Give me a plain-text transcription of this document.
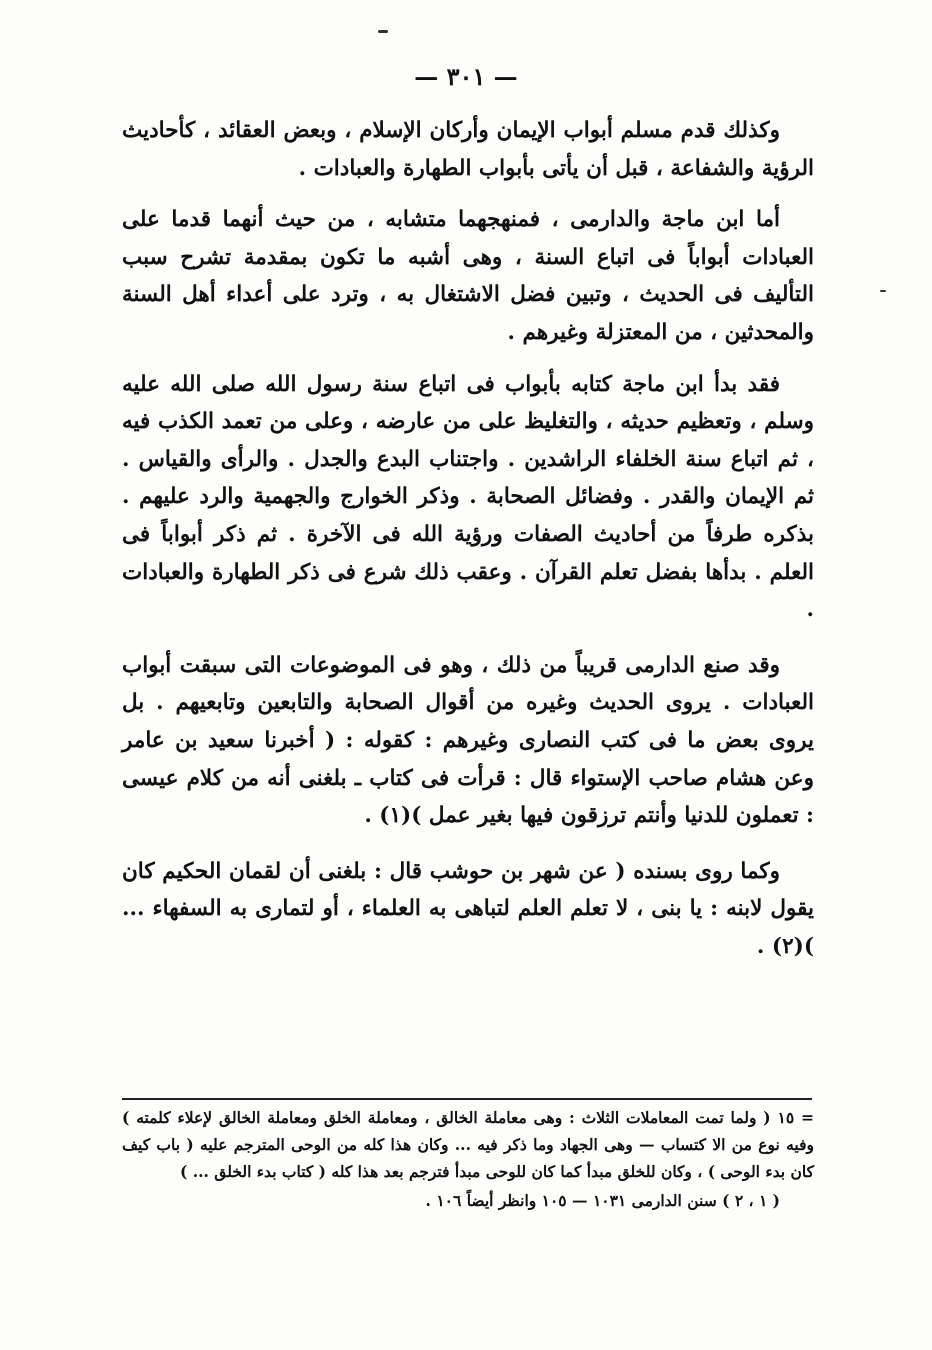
— ٣٠١ —

وكذلك قدم مسلم أبواب الإيمان وأركان الإسلام ، وبعض العقائد ، كأحاديث الرؤية والشفاعة ، قبل أن يأتى بأبواب الطهارة والعبادات .

أما ابن ماجة والدارمى ، فمنهجهما متشابه ، من حيث أنهما قدما على العبادات أبواباً فى اتباع السنة ، وهى أشبه ما تكون بمقدمة تشرح سبب التأليف فى الحديث ، وتبين فضل الاشتغال به ، وترد على أعداء أهل السنة والمحدثين ، من المعتزلة وغيرهم .

فقد بدأ ابن ماجة كتابه بأبواب فى اتباع سنة رسول الله صلى الله عليه وسلم ، وتعظيم حديثه ، والتغليظ على من عارضه ، وعلى من تعمد الكذب فيه ، ثم اتباع سنة الخلفاء الراشدين . واجتناب البدع والجدل . والرأى والقياس . ثم الإيمان والقدر . وفضائل الصحابة . وذكر الخوارج والجهمية والرد عليهم . بذكره طرفاً من أحاديث الصفات ورؤية الله فى الآخرة . ثم ذكر أبواباً فى العلم . بدأها بفضل تعلم القرآن . وعقب ذلك شرع فى ذكر الطهارة والعبادات .

وقد صنع الدارمى قريباً من ذلك ، وهو فى الموضوعات التى سبقت أبواب العبادات . يروى الحديث وغيره من أقوال الصحابة والتابعين وتابعيهم . بل يروى بعض ما فى كتب النصارى وغيرهم : كقوله : ( أخبرنا سعيد بن عامر وعن هشام صاحب الإستواء قال : قرأت فى كتاب ـ بلغنى أنه من كلام عيسى : تعملون للدنيا وأنتم ترزقون فيها بغير عمل )(١) .

وكما روى بسنده ( عن شهر بن حوشب قال : بلغنى أن لقمان الحكيم كان يقول لابنه : يا بنى ، لا تعلم العلم لتباهى به العلماء ، أو لتمارى به السفهاء ... )(٢) .

= ١٥ ( ولما تمت المعاملات الثلاث : وهى معاملة الخالق ، ومعاملة الخلق ومعاملة الخالق لإعلاء كلمته ) وفيه نوع من الا كتساب — وهى الجهاد وما ذكر فيه ... وكان هذا كله من الوحى المترجم عليه ( باب كيف كان بدء الوحى ) ، وكان للخلق مبدأ كما كان للوحى مبدأ فترجم بعد هذا كله ( كتاب بدء الخلق ... )

( ١ ، ٢ ) سنن الدارمى ١٠٣١ — ١٠٥ وانظر أيضاً ١٠٦ .
